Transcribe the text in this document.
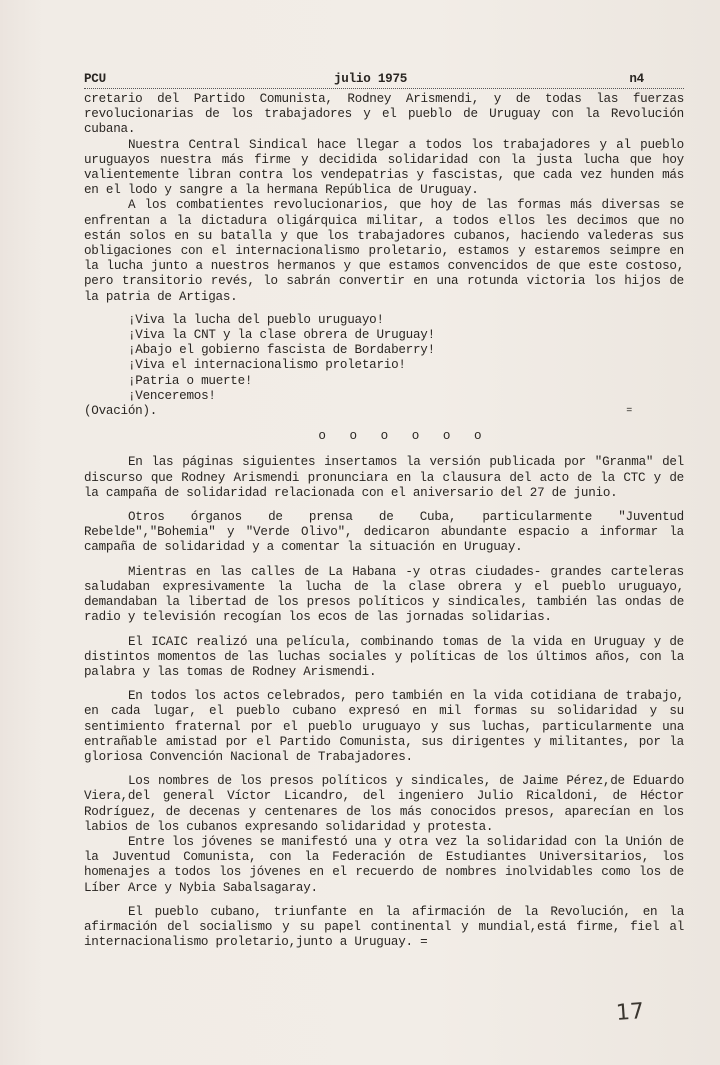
PCU	julio 1975	n4

cretario del Partido Comunista, Rodney Arismendi, y de todas las fuerzas revolucionarias de los trabajadores y el pueblo de Uruguay con la Revolución cubana.

Nuestra Central Sindical hace llegar a todos los trabajadores y al pueblo uruguayos nuestra más firme y decidida solidaridad con la justa lucha que hoy valientemente libran contra los vendepatrias y fascistas, que cada vez hunden más en el lodo y sangre a la hermana República de Uruguay.

A los combatientes revolucionarios, que hoy de las formas más diversas se enfrentan a la dictadura oligárquica militar, a todos ellos les decimos que no están solos en su batalla y que los trabajadores cubanos, haciendo valederas sus obligaciones con el internacionalismo proletario, estamos y estaremos seimpre en la lucha junto a nuestros hermanos y que estamos convencidos de que este costoso, pero transitorio revés, lo sabrán convertir en una rotunda victoria los hijos de la patria de Artigas.

¡Viva la lucha del pueblo uruguayo!
¡Viva la CNT y la clase obrera de Uruguay!
¡Abajo el gobierno fascista de Bordaberry!
¡Viva el internacionalismo proletario!
¡Patria o muerte!
¡Venceremos!
(Ovación).	=
o o o o o o

En las páginas siguientes insertamos la versión publicada por "Granma" del discurso que Rodney Arismendi pronunciara en la clausura del acto de la CTC y de la campaña de solidaridad relacionada con el aniversario del 27 de junio.

Otros órganos de prensa de Cuba, particularmente "Juventud Rebelde","Bohemia" y "Verde Olivo", dedicaron abundante espacio a informar la campaña de solidaridad y a comentar la situación en Uruguay.

Mientras en las calles de La Habana -y otras ciudades- grandes carteleras saludaban expresivamente la lucha de la clase obrera y el pueblo uruguayo, demandaban la libertad de los presos políticos y sindicales, también las ondas de radio y televisión recogían los ecos de las jornadas solidarias.

El ICAIC realizó una película, combinando tomas de la vida en Uruguay y de distintos momentos de las luchas sociales y políticas de los últimos años, con la palabra y las tomas de Rodney Arismendi.

En todos los actos celebrados, pero también en la vida cotidiana de trabajo, en cada lugar, el pueblo cubano expresó en mil formas su solidaridad y su sentimiento fraternal por el pueblo uruguayo y sus luchas, particularmente una entrañable amistad por el Partido Comunista, sus dirigentes y militantes, por la gloriosa Convención Nacional de Trabajadores.

Los nombres de los presos políticos y sindicales, de Jaime Pérez,de Eduardo Viera,del general Víctor Licandro, del ingeniero Julio Ricaldoni, de Héctor Rodríguez, de decenas y centenares de los más conocidos presos, aparecían en los labios de los cubanos expresando solidaridad y protesta.

Entre los jóvenes se manifestó una y otra vez la solidaridad con la Unión de la Juventud Comunista, con la Federación de Estudiantes Universitarios, los homenajes a todos los jóvenes en el recuerdo de nombres inolvidables como los de Líber Arce y Nybia Sabalsagaray.

El pueblo cubano, triunfante en la afirmación de la Revolución, en la afirmación del socialismo y su papel continental y mundial,está firme, fiel al internacionalismo proletario,junto a Uruguay. =

17
